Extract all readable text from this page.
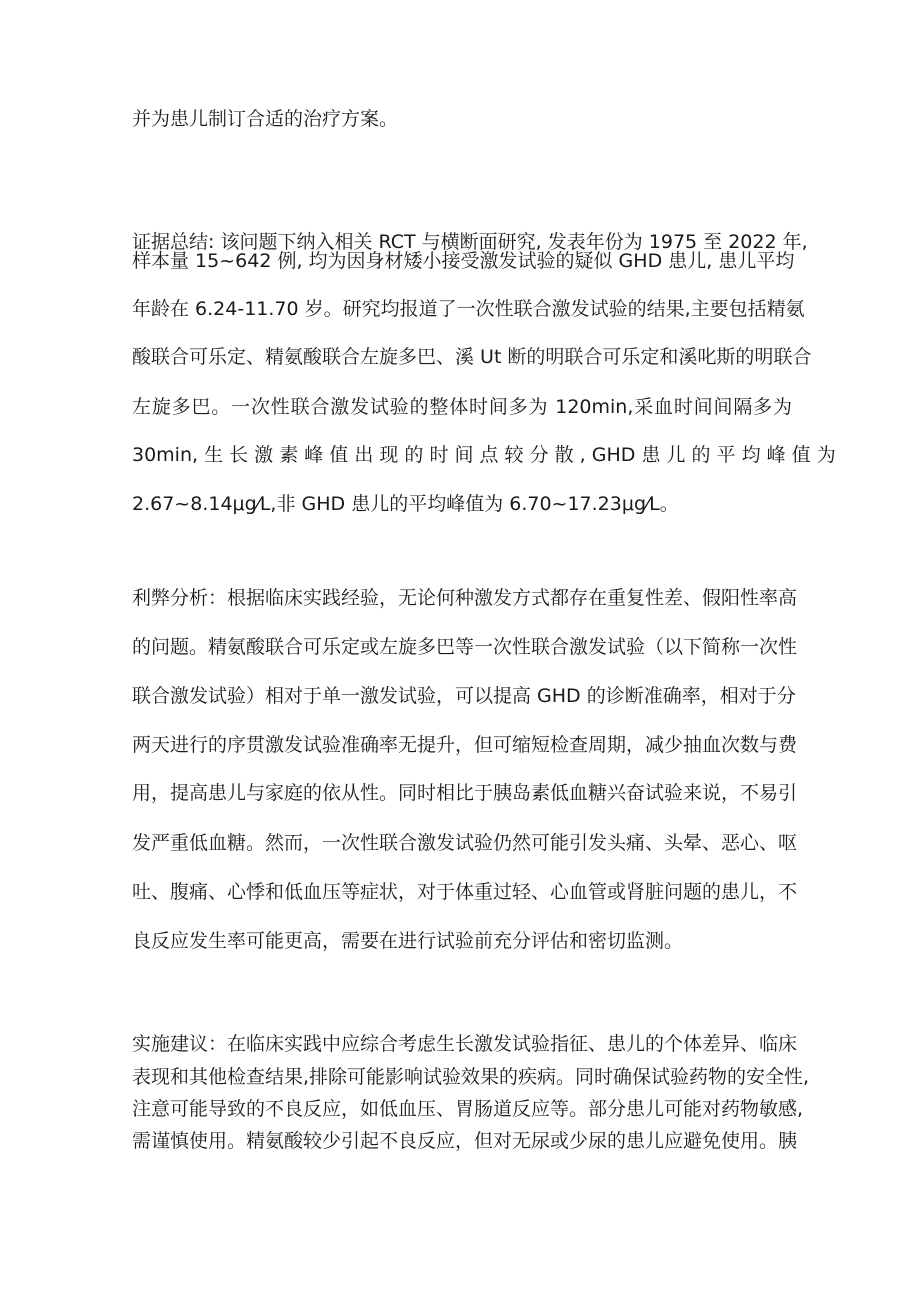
并为患儿制订合适的治疗方案。
证据总结: 该问题下纳入相关 RCT 与横断面研究, 发表年份为 1975 至 2022 年,
样本量 15~642 例, 均为因身材矮小接受激发试验的疑似 GHD 患儿, 患儿平均
年龄在 6.24-11.70 岁。研究均报道了一次性联合激发试验的结果,主要包括精氨
酸联合可乐定、精氨酸联合左旋多巴、溪 Ut 断的明联合可乐定和溪叱斯的明联合
左旋多巴。一次性联合激发试验的整体时间多为 120min,采血时间间隔多为
30min, 生 长 激 素 峰 值 出 现 的 时 间 点 较 分 散 , GHD 患 儿 的 平 均 峰 值 为
2.67~8.14μg⁄L,非 GHD 患儿的平均峰值为 6.70~17.23μg⁄L。
利弊分析：根据临床实践经验，无论何种激发方式都存在重复性差、假阳性率高
的问题。精氨酸联合可乐定或左旋多巴等一次性联合激发试验（以下简称一次性
联合激发试验）相对于单一激发试验，可以提高 GHD 的诊断准确率，相对于分
两天进行的序贯激发试验准确率无提升，但可缩短检查周期，减少抽血次数与费
用，提高患儿与家庭的依从性。同时相比于胰岛素低血糖兴奋试验来说，不易引
发严重低血糖。然而，一次性联合激发试验仍然可能引发头痛、头晕、恶心、呕
吐、腹痛、心悸和低血压等症状，对于体重过轻、心血管或肾脏问题的患儿，不
良反应发生率可能更高，需要在进行试验前充分评估和密切监测。
实施建议：在临床实践中应综合考虑生长激发试验指征、患儿的个体差异、临床
表现和其他检查结果,排除可能影响试验效果的疾病。同时确保试验药物的安全性,
注意可能导致的不良反应，如低血压、胃肠道反应等。部分患儿可能对药物敏感,
需谨慎使用。精氨酸较少引起不良反应，但对无尿或少尿的患儿应避免使用。胰
